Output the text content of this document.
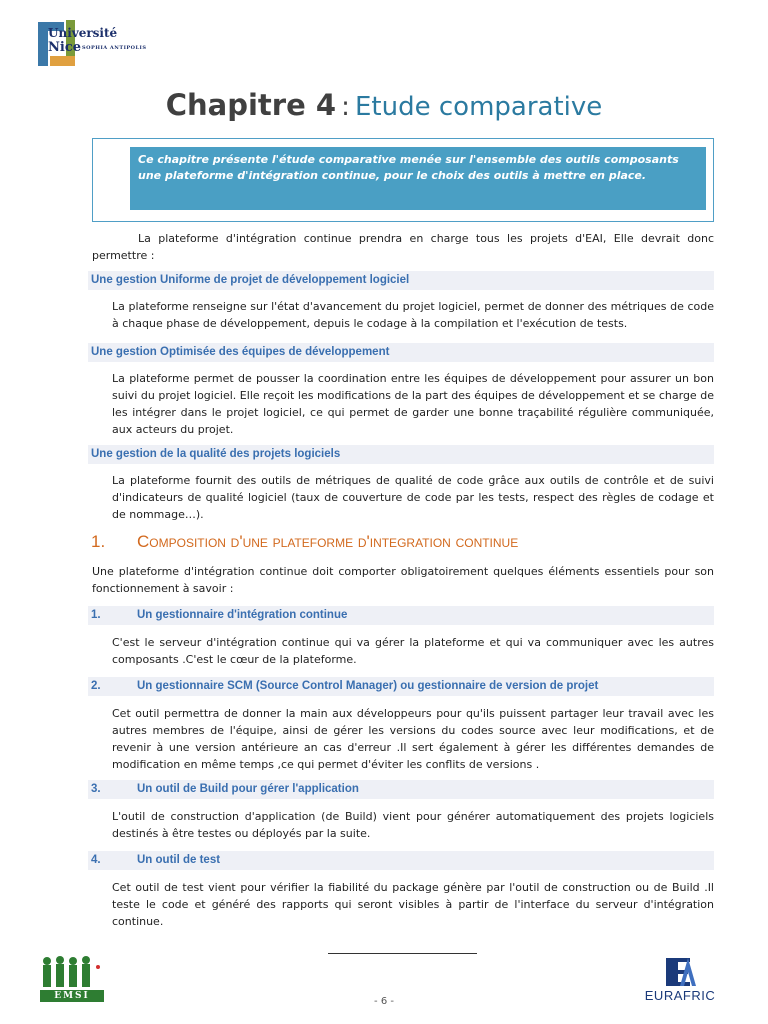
Université
Nice SOPHIA ANTIPOLIS
Chapitre 4 : Etude comparative
Ce chapitre présente l'étude comparative menée sur l'ensemble des outils composants une plateforme d'intégration continue, pour le choix des outils à mettre en place.
La plateforme d'intégration continue prendra en charge tous les projets d'EAI, Elle devrait donc permettre :
Une gestion Uniforme de projet de développement logiciel
La plateforme renseigne sur l'état d'avancement du projet logiciel, permet de donner des métriques de code à chaque phase de développement, depuis le codage à la compilation et l'exécution de tests.
Une gestion Optimisée des équipes de développement
La plateforme permet de pousser la coordination entre les équipes de développement pour assurer un bon suivi du projet logiciel. Elle reçoit les modifications de la part des équipes de développement et se charge de les intégrer dans le projet logiciel, ce qui permet de garder une bonne traçabilité régulière communiquée, aux acteurs du projet.
Une gestion de la qualité des projets logiciels
La plateforme fournit des outils de métriques de qualité de code grâce aux outils de contrôle et de suivi d'indicateurs de qualité logiciel (taux de couverture de code par les tests, respect des règles de codage et de nommage…).
1. Composition d'une plateforme d'integration continue
Une plateforme d'intégration continue doit comporter obligatoirement quelques éléments essentiels pour son fonctionnement à savoir :
1.	Un gestionnaire d'intégration continue
C'est le serveur d'intégration continue qui va gérer la plateforme et qui va communiquer avec les autres composants .C'est le cœur de la plateforme.
2.	Un gestionnaire SCM (Source Control Manager) ou gestionnaire de version de projet
Cet outil permettra de donner la main aux développeurs pour qu'ils puissent partager leur travail avec les autres membres de l'équipe, ainsi de gérer les versions du codes source avec leur modifications, et de revenir à une version antérieure an cas d'erreur .Il sert également à gérer les différentes demandes de modification en même temps ,ce qui permet d'éviter les conflits de versions .
3.	Un outil de Build pour gérer l'application
L'outil de construction d'application (de Build) vient pour générer automatiquement des projets logiciels destinés à être testes ou déployés par la suite.
4.	Un outil de test
Cet outil de test vient pour vérifier la fiabilité du package génère par l'outil de construction ou de Build .Il teste le code et généré des rapports qui seront visibles à partir de l'interface du serveur d'intégration continue.
EMSI	- 6 -	EURAFRIC
